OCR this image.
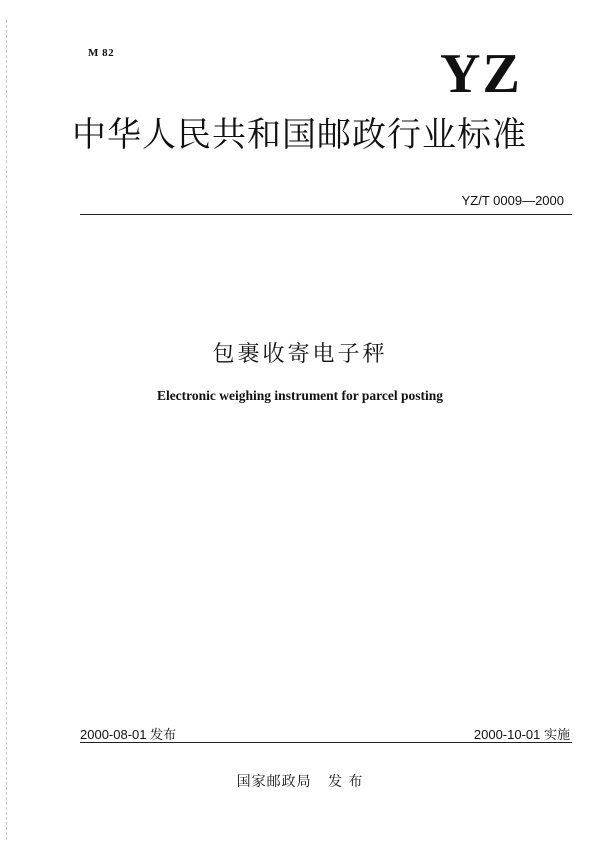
M 82	YZ
中华人民共和国邮政行业标准
YZ/T 0009—2000
包裹收寄电子秤
Electronic weighing instrument for parcel posting
2000-08-01 发布	2000-10-01 实施
国家邮政局   发 布
